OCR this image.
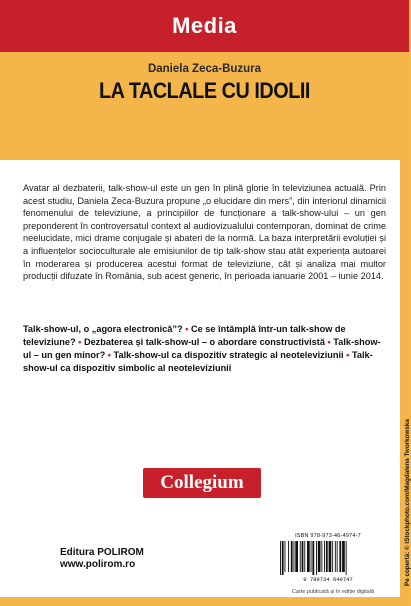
Media
Daniela Zeca-Buzura
LA TACLALE CU IDOLII

Avatar al dezbaterii, talk-show-ul este un gen în plină glorie în televiziunea actuală. Prin acest studiu, Daniela Zeca-Buzura propune „o elucidare din mers”, din interiorul dinamicii fenomenului de televiziune, a principiilor de funcționare a talk-show-ului – un gen preponderent în controversatul context al audiovizualului contemporan, dominat de crime neelucidate, mici drame conjugale și abateri de la normă. La baza interpretării evoluției și a influențelor socioculturale ale emisiunilor de tip talk-show stau atât experiența autoarei în moderarea și producerea acestui format de televiziune, cât și analiza mai multor producții difuzate în România, sub acest generic, în perioada ianuarie 2001 – iunie 2014.

Talk-show-ul, o „agora electronică”? • Ce se întâmplă într-un talk-show de televiziune? • Dezbaterea și talk-show-ul – o abordare constructivistă • Talk-show-ul – un gen minor? • Talk-show-ul ca dispozitiv strategic al neoteleviziunii • Talk-show-ul ca dispozitiv simbolic al neoteleviziunii

Collegium
Editura POLIROM
www.polirom.ro
ISBN 978-973-46-4974-7
9 789734 649747
Carte publicată și în ediție digitală
Pe copertă: © iStockphoto.com/Magdalena Tworkowska
